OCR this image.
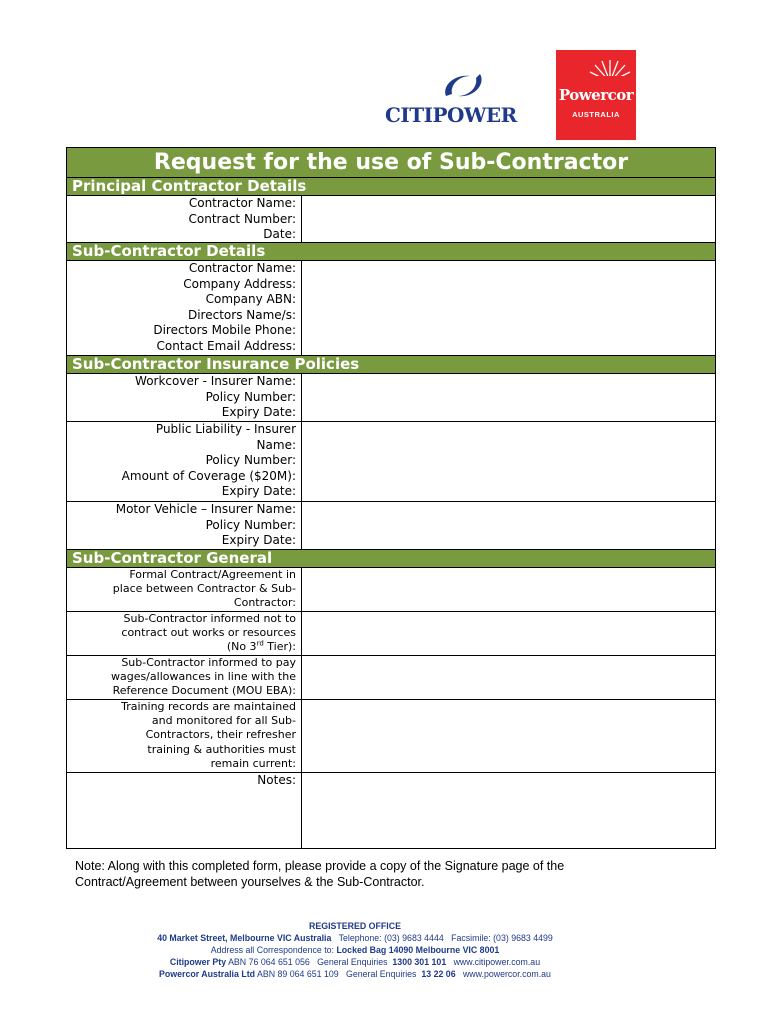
CITIPOWER
Powercor
AUSTRALIA
Request for the use of Sub-Contractor
Principal Contractor Details
Contractor Name:
Contract Number:
Date:
Sub-Contractor Details
Contractor Name:
Company Address:
Company ABN:
Directors Name/s:
Directors Mobile Phone:
Contact Email Address:
Sub-Contractor Insurance Policies
Workcover - Insurer Name:
Policy Number:
Expiry Date:
Public Liability - Insurer
Name:
Policy Number:
Amount of Coverage ($20M):
Expiry Date:
Motor Vehicle – Insurer Name:
Policy Number:
Expiry Date:
Sub-Contractor General
Formal Contract/Agreement in
place between Contractor & Sub-
Contractor:
Sub-Contractor informed not to
contract out works or resources
(No 3rd Tier):
Sub-Contractor informed to pay
wages/allowances in line with the
Reference Document (MOU EBA):
Training records are maintained
and monitored for all Sub-
Contractors, their refresher
training & authorities must
remain current:
Notes:
Note: Along with this completed form, please provide a copy of the Signature page of the
Contract/Agreement between yourselves & the Sub-Contractor.
REGISTERED OFFICE
40 Market Street, Melbourne VIC Australia Telephone: (03) 9683 4444 Facsimile: (03) 9683 4499
Address all Correspondence to: Locked Bag 14090 Melbourne VIC 8001
Citipower Pty ABN 76 064 651 056 General Enquiries 1300 301 101 www.citipower.com.au
Powercor Australia Ltd ABN 89 064 651 109 General Enquiries 13 22 06 www.powercor.com.au
